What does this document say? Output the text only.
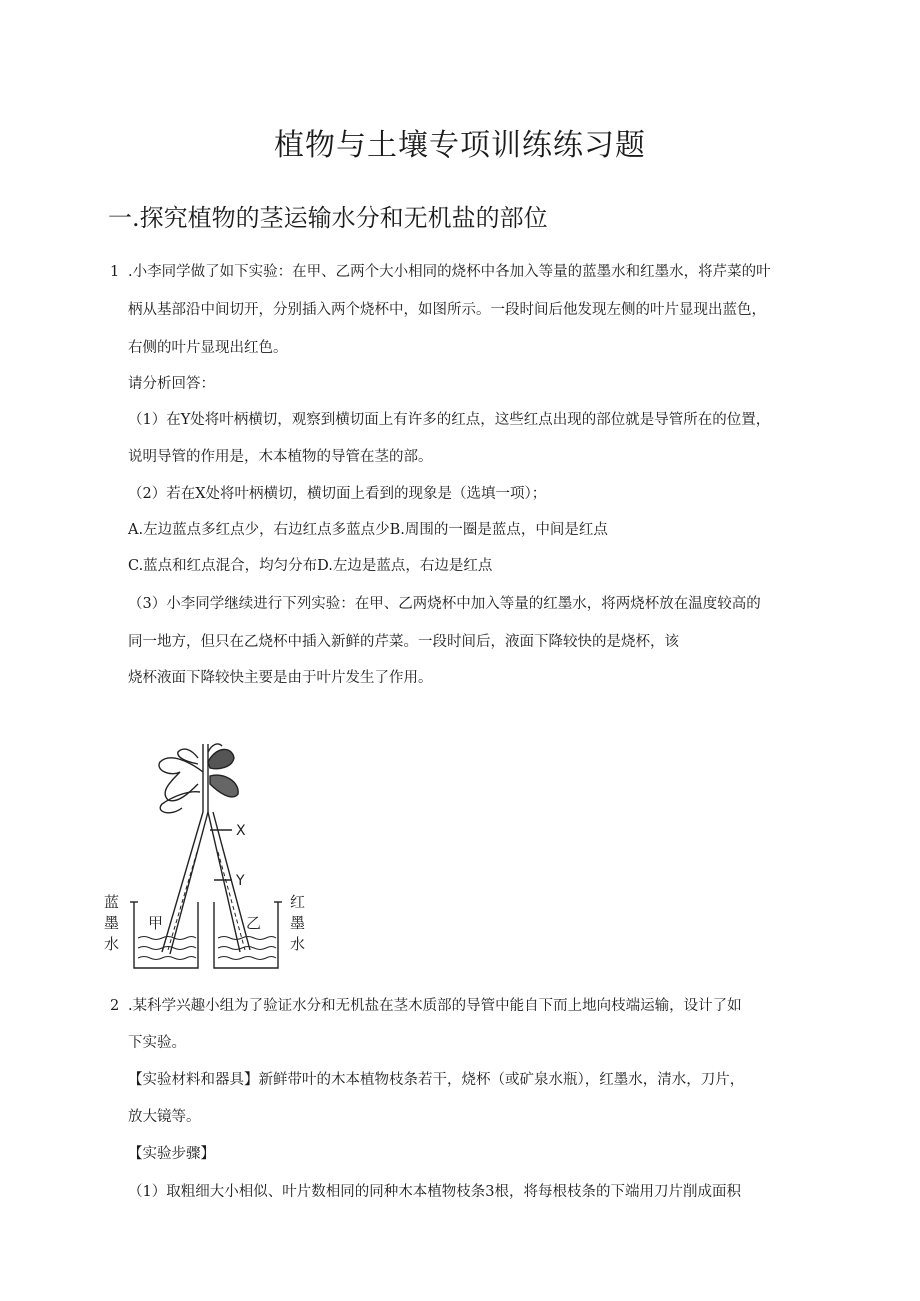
植物与土壤专项训练练习题
一.探究植物的茎运输水分和无机盐的部位
1 .小李同学做了如下实验：在甲、乙两个大小相同的烧杯中各加入等量的蓝墨水和红墨水，将芹菜的叶
柄从基部沿中间切开，分别插入两个烧杯中，如图所示。一段时间后他发现左侧的叶片显现出蓝色，
右侧的叶片显现出红色。
请分析回答：
（1）在Y处将叶柄横切，观察到横切面上有许多的红点，这些红点出现的部位就是导管所在的位置，
说明导管的作用是，木本植物的导管在茎的部。
（2）若在X处将叶柄横切，横切面上看到的现象是（选填一项）；
A.左边蓝点多红点少，右边红点多蓝点少B.周围的一圈是蓝点，中间是红点
C.蓝点和红点混合，均匀分布D.左边是蓝点，右边是红点
（3）小李同学继续进行下列实验：在甲、乙两烧杯中加入等量的红墨水，将两烧杯放在温度较高的
同一地方，但只在乙烧杯中插入新鲜的芹菜。一段时间后，液面下降较快的是烧杯，该
烧杯液面下降较快主要是由于叶片发生了作用。
X
Y
甲	乙
蓝
墨
水
红
墨
水
2 .某科学兴趣小组为了验证水分和无机盐在茎木质部的导管中能自下而上地向枝端运输，设计了如
下实验。
【实验材料和器具】新鲜带叶的木本植物枝条若干，烧杯（或矿泉水瓶），红墨水，清水，刀片，
放大镜等。
【实验步骤】
（1）取粗细大小相似、叶片数相同的同种木本植物枝条3根，将每根枝条的下端用刀片削成面积
